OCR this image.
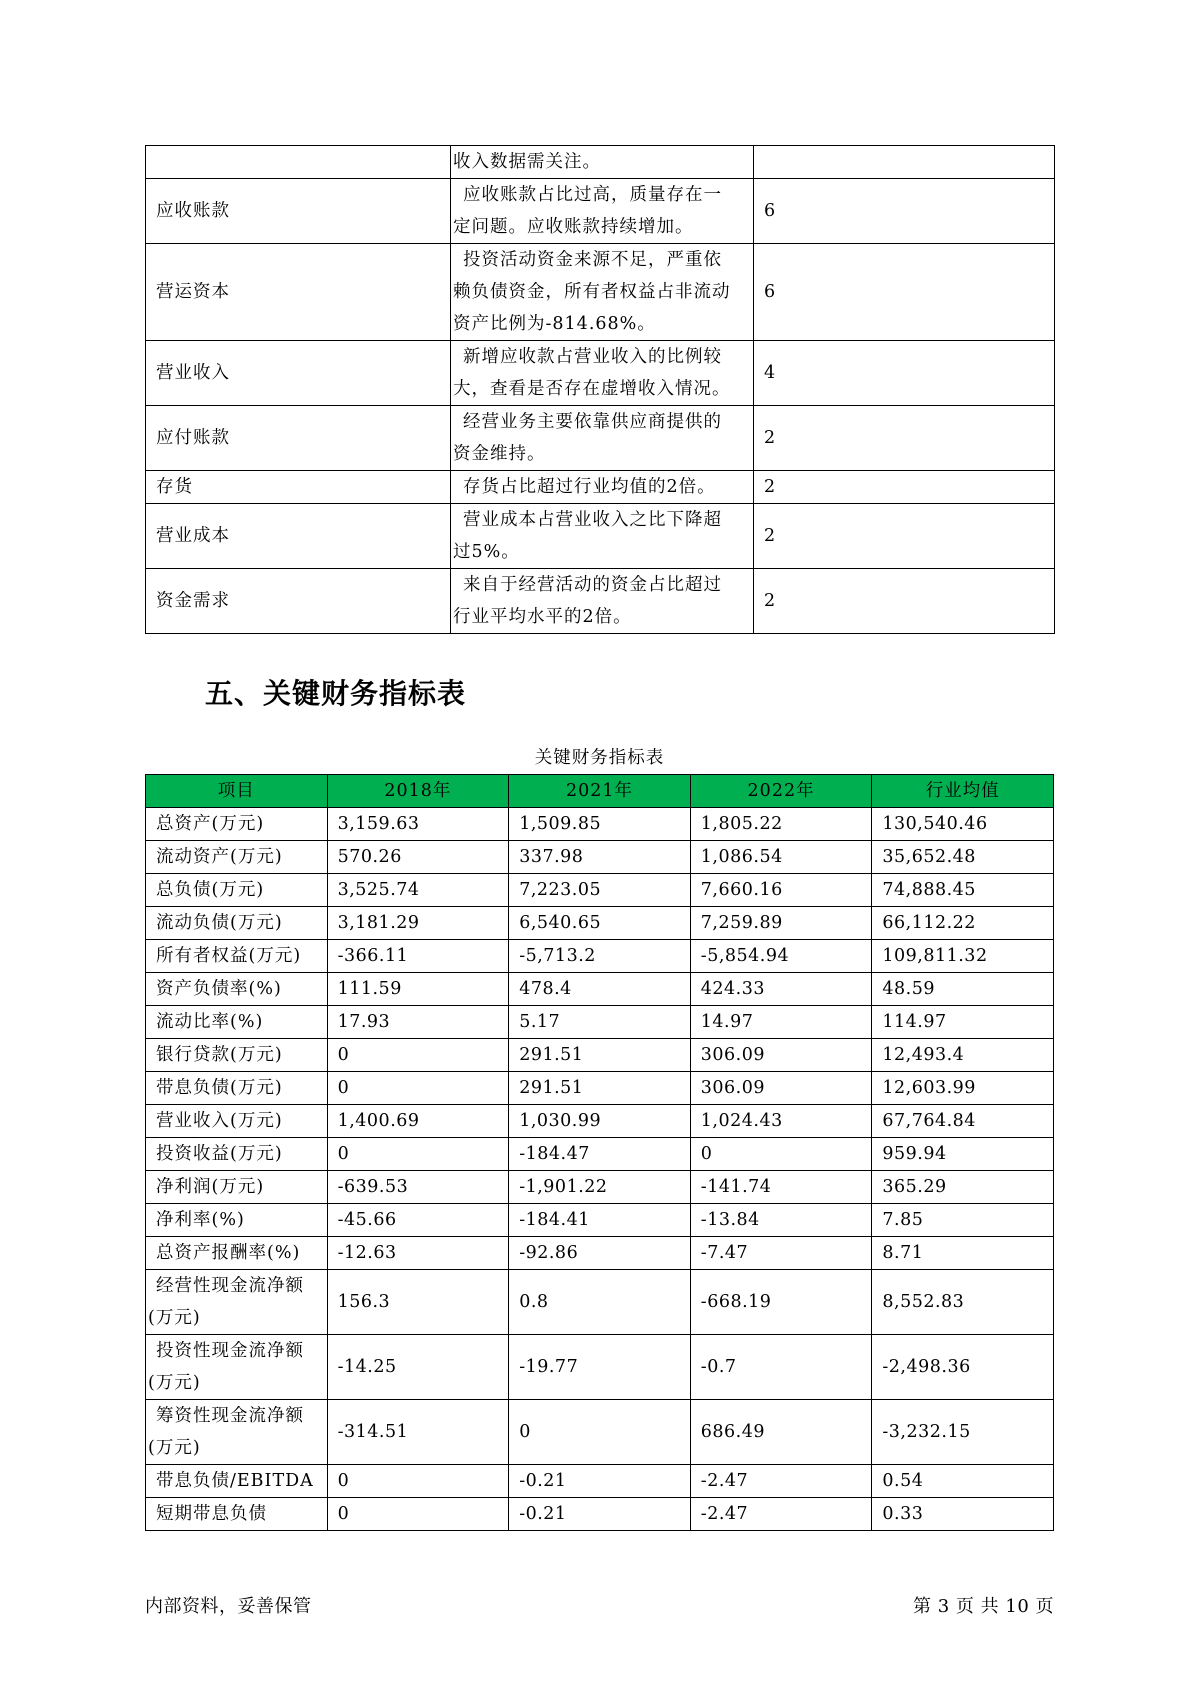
	收入数据需关注。	

应收账款	应收账款占比过高，质量存在一
定问题。应收账款持续增加。	6
营运资本	投资活动资金来源不足，严重依
赖负债资金，所有者权益占非流动
资产比例为-814.68%。	6
营业收入	新增应收款占营业收入的比例较
大，查看是否存在虚增收入情况。	4
应付账款	经营业务主要依靠供应商提供的
资金维持。	2
存货	存货占比超过行业均值的2倍。	2
营业成本	营业成本占营业收入之比下降超
过5%。	2
资金需求	来自于经营活动的资金占比超过
行业平均水平的2倍。	2
五、关键财务指标表
关键财务指标表
项目	2018年	2021年	2022年	行业均值

总资产(万元)	3,159.63	1,509.85	1,805.22	130,540.46

流动资产(万元)	570.26	337.98	1,086.54	35,652.48

总负债(万元)	3,525.74	7,223.05	7,660.16	74,888.45

流动负债(万元)	3,181.29	6,540.65	7,259.89	66,112.22

所有者权益(万元)	-366.11	-5,713.2	-5,854.94	109,811.32

资产负债率(%)	111.59	478.4	424.33	48.59

流动比率(%)	17.93	5.17	14.97	114.97

银行贷款(万元)	0	291.51	306.09	12,493.4

带息负债(万元)	0	291.51	306.09	12,603.99

营业收入(万元)	1,400.69	1,030.99	1,024.43	67,764.84

投资收益(万元)	0	-184.47	0	959.94

净利润(万元)	-639.53	-1,901.22	-141.74	365.29

净利率(%)	-45.66	-184.41	-13.84	7.85

总资产报酬率(%)	-12.63	-92.86	-7.47	8.71

经营性现金流净额
(万元)	156.3	0.8	-668.19	8,552.83

投资性现金流净额
(万元)	-14.25	-19.77	-0.7	-2,498.36

筹资性现金流净额
(万元)	-314.51	0	686.49	-3,232.15

带息负债/EBITDA	0	-0.21	-2.47	0.54

短期带息负债	0	-0.21	-2.47	0.33
内部资料，妥善保管	第 3 页 共 10 页
